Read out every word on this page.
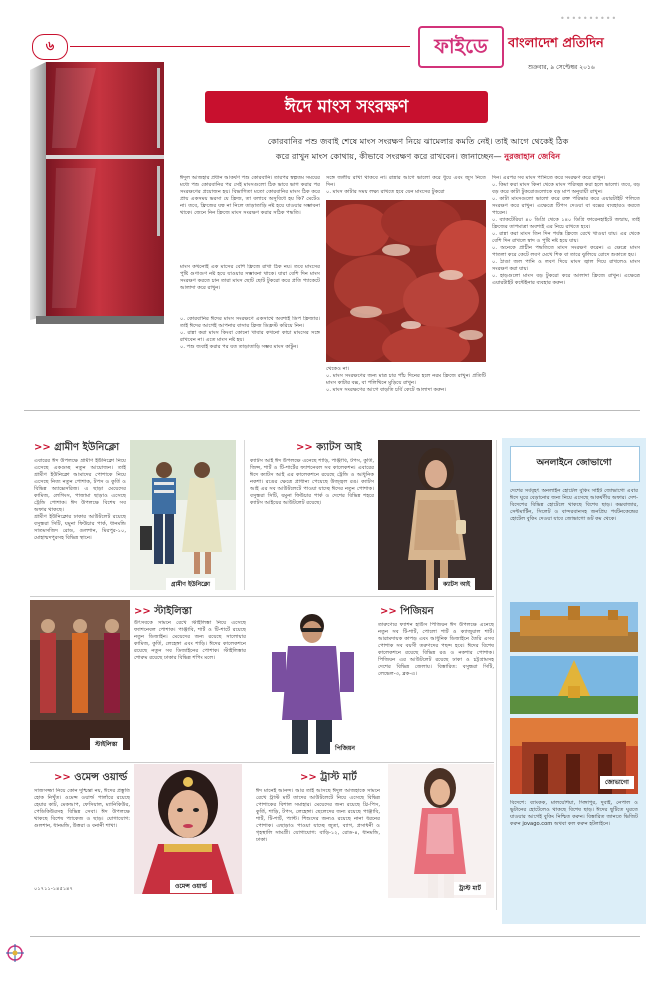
৬
••••••••••
ফাইডে	বাংলাদেশ প্রতিদিন
শুক্রবার, ৯ সেপ্টেম্বর ২০১৬
ঈদে মাংস সংরক্ষণ
কোরবানির পশু জবাই শেষে মাংস সংরক্ষণ নিয়ে ঝামেলার কমতি নেই। তাই আগে থেকেই ঠিক
করে রাখুন মাংস কোথায়, কীভাবে সংরক্ষণ করে রাখবেন। জানাচ্ছেন— নুরজাহান জেবিন
ঈদুল আজহার প্রধান আকর্ষণ পশু কোরবানি। তারপর স্বল্পতম সময়ের মধ্যে পশু কোরবানির পর সেই মাংসগুলো ঠিক ভাবে ভাগ করার পর সংরক্ষণের প্রয়োজন হয়। বিভাগিতা মতো কোরবানির মাংস ঠিক করে প্রায় একসময় ভরসা যে ফ্রিজ, তা বলাবে অসুবিধে হয় কি? মেটেও না। তবে, ফ্রিজের যত্ন না নিলে তাড়াতাড়ি নষ্ট হয়ে যাওয়ার সম্ভাবনা থাকে। জেনে নিন ফ্রিজে মাংস সংরক্ষণ করার সঠিক পদ্ধতি।
মাংস কখনোই এক মাসের বেশি ফ্রিজে রাখা ঠিক নয়। তবে মাংসের পুষ্টি গুণাগুণ নষ্ট হয়ে যাওয়ার সম্ভাবনা থাকে। যারা বেশি দিন মাংস সংরক্ষণ করতে চান তারা মাংস ছোট ছোট টুকরো করে প্রতি প্যাকেটে আলাদা করে রাখুন।
০. কোরবানির ঈদের মাংস সংরক্ষণে একসাথে অবশ্যই ডিপ ফ্রিজার। তাই ঈদের আগেই আপনার বাসার ফ্রিজ ডিফ্রস্ট করিয়ে নিন।
০. রান্না করা মাংস কিংবা কোনো খাবার কখনো কাচা মাংসের সঙ্গে রাখবেন না। এতে মাংস নষ্ট হয়।
০. পশু জবাই করার পর যত তাড়াতাড়ি সম্ভব মাংস কাটুন।
সঙ্গে জলীয় রাখা থাকবে না। রান্নার আগে ভালো করে ধুয়ে এবং জুস নিতে দিন।
০. মাংস কাটার সময় লক্ষ্য রাখতে হবে যেন মাংসের টুকরো
থেকেও না।
০. মাংস সংরক্ষণের জন্য মাত্র চার পাঁচ দিনের হলে নরম ফ্রিজে রাখুন। প্রতিটি মাংস কাটার বক্স, বা পলিথিনে মুড়িয়ে রাখুন।
০. মাংস সংরক্ষণের আগে বাড়তি চর্বি কেটে আলাদা করুন।
দিন। এরপর সব মাংস পানিতে করে সংরক্ষণ করে রাখুন।
০. কিমা করা মাংস কিনা থেকে মাংস পরিচ্ছন্ন করা হলে ভালো। তবে, বড় বড় করে কাটা টুকরোগুলোকে বড় মাপ অনুযায়ী রাখুন।
০. কাটা মাংসগুলো ভালো করে রক্ত পরিষ্কার করে এয়ারটাইট পলিতে সংরক্ষণ করে রাখুন। এক্ষেত্রে টিপস দেওয়া বা বক্সের ব্যবহারও করতে পারেন।
০. ব্যাকটেরিয়া ৪০ ডিগ্রি থেকে ১৪০ ডিগ্রি ফারেনহাইটে জন্মায়, তাই ফ্রিজের তাপমাত্রা অবশ্যই এর নিচে রাখতে হবে।
০. রান্না করা মাংস তিন দিন পর্যন্ত ফ্রিজে রেখে খাওয়া যায়। এর থেকে বেশি দিন রাখলে স্বাদ ও পুষ্টি নষ্ট হয়ে যায়।
০. অনেকে প্রাচীন পদ্ধতিতে মাংস সংরক্ষণ করেন। এ ক্ষেত্রে মাংস পাতলা করে কেটে লবণ মেখে শিক বা তারে ঝুলিয়ে রোদে শুকাতে হয়।
০. ঠাণ্ডা জল পানি ও লবণ দিয়ে মাংস জ্বাল দিয়ে রাখলেও মাংস সংরক্ষণ করা যায়।
০. হাড়গুলো মাংস বড় টুকরো করে আলাদা ফ্রিজে রাখুন। এক্ষেত্রে এয়ারটাইট কন্টেইনার ব্যবহার করুন।
>> গ্রামীণ ইউনিক্লো
এবারের ঈদ উপলক্ষে গ্রামীণ ইউনিক্লো নিয়ে এসেছে একগুচ্ছ নতুন আয়োজন। তাই গ্রামীণ ইউনিক্লো আমাদের পোশাকে নিয়ে এসেছে নিত্য নতুন পোশাক, টপস ও কুর্তি ও বিভিন্ন অ্যাক্সেসরিজ। এ ছাড়া মেয়েদের কামিজ, লেগিংস, পাজামা ছাড়াও এসেছে ট্রেন্ডি পোশাক। ঈদ উপলক্ষে বিশেষ সব অফার থাকছে।
গ্রামীণ ইউনিক্লোর ঢাকার আউটলেট রয়েছে বসুন্ধরা সিটি, যমুনা ফিউচার পার্ক, ধানমন্ডি সাতমসজিদ রোড, গুলশান, মিরপুর-১০, মোহাম্মদপুরসহ বিভিন্ন স্থানে।
গ্রামীণ ইউনিক্লো
>> ক্যাটস আই
ক্যাটস আই ঈদ উপলক্ষে এনেছে শাড়ি, পাঞ্জাবি, টপস, কুর্তি, জিন্স, শার্ট ও টি-শার্টের ফ্যাশনেবল সব কালেকশন। এবারের ঈদে ক্যাটস আই এর কালেকশনে রয়েছে ট্রেন্ডি ও আধুনিক নকশা। রঙের ক্ষেত্রে প্রাধান্য পেয়েছে উজ্জ্বল রঙ। ক্যাটস আই এর সব আউটলেটে পাওয়া যাচ্ছে ঈদের নতুন পোশাক। বসুন্ধরা সিটি, যমুনা ফিউচার পার্ক ও দেশের বিভিন্ন শহরে ক্যাটস আইয়ের আউটলেট রয়েছে।
ক্যাটস আই
স্টাইলিস্তা
>> স্টাইলিস্তা
উৎসবকে সামনে রেখে স্টাইলিস্তা নিয়ে এসেছে ফ্যাশনেবল পোশাক। পাঞ্জাবি, শার্ট ও টি-শার্টে রয়েছে নতুন ডিজাইন। মেয়েদের জন্য রয়েছে সালোয়ার কামিজ, কুর্তি, লেহেঙ্গা এবং শাড়ি। ঈদের কালেকশনে রয়েছে নতুন সব ডিজাইনের পোশাক। স্টাইলিস্তার শোরুম রয়েছে ঢাকার বিভিন্ন শপিং মলে।
পিজিয়ন
>> পিজিয়ন
তারুণ্যের ফ্যাশন হাউস পিজিয়ন ঈদ উপলক্ষে এনেছে নতুন সব টি-শার্ট, পোলো শার্ট ও ক্যাজুয়াল শার্ট। আরামদায়ক কাপড় এবং আধুনিক ডিজাইনে তৈরি এসব পোশাক সব বয়সী তরুণদের পছন্দ হবে। ঈদের বিশেষ কালেকশনে রয়েছে বিভিন্ন রঙ ও নকশার পোশাক। পিজিয়ন এর আউটলেট রয়েছে ঢাকা ও চট্টগ্রামসহ দেশের বিভিন্ন জেলায়। বিস্তারিত: বসুন্ধরা সিটি, লেভেল-৩, ব্লক-এ।
>> ওমেন্স ওয়ার্ল্ড
সাজসজ্জা নিয়ে কোন দুশ্চিন্তা নয়, ঈদের প্রস্তুতি হোক নিখুঁত। ওমেন্স ওয়ার্ল্ড পার্লারে রয়েছে হেয়ার কাট, মেকআপ, ফেসিয়াল, ম্যানিকিউর, পেডিকিউরসহ বিভিন্ন সেবা। ঈদ উপলক্ষে থাকছে বিশেষ প্যাকেজ ও ছাড়। যোগাযোগ: গুলশান, ধানমন্ডি, উত্তরা ও বনানী শাখা।
০১৭১১-১৪৫১৪৭	ওমেন্স ওয়ার্ল্ড
>> ট্রাস্ট মার্ট
ঈদ মানেই আনন্দ। আর তাই আসছে ঈদুল আজহাকে সামনে রেখে ট্রাস্ট মার্ট তাদের আউটলেটে নিয়ে এসেছে বিভিন্ন পোশাকের বিশাল সমাহার। মেয়েদের জন্য রয়েছে থ্রি-পিস, কুর্তি, শাড়ি, টপস, লেহেঙ্গা। ছেলেদের জন্য রয়েছে পাঞ্জাবি, শার্ট, টি-শার্ট, প্যান্ট। শিশুদের জন্যও রয়েছে নানা ধরনের পোশাক। এছাড়াও পাওয়া যাচ্ছে জুতা, ব্যাগ, প্রসাধনী ও গৃহস্থালি সামগ্রী। যোগাযোগ: বাড়ি-১২, রোড-৪, ধানমন্ডি, ঢাকা।
ট্রাস্ট মার্ট
অনলাইনে জোভাগো
দেশের সর্ববৃহৎ অনলাইন হোটেল বুকিং সাইট জোভাগো এবার ঈদে ঘুরে বেড়ানোর জন্য নিয়ে এসেছে আকর্ষণীয় অফার। দেশ-বিদেশের বিভিন্ন হোটেলে থাকছে বিশেষ ছাড়। কক্সবাজার, সেন্টমার্টিন, সিলেট ও বান্দরবানসহ জনপ্রিয় পর্যটনকেন্দ্রের হোটেল বুকিং দেওয়া যাবে জোভাগো ডট কম থেকে।
জোভাগো
বিদেশে: ব্যাংকক, মালয়েশিয়া, সিঙ্গাপুর, দুবাই, নেপাল ও ভুটানের হোটেলেও থাকছে বিশেষ ছাড়। ঈদের ছুটিতে ঘুরতে যাওয়ার আগেই বুকিং নিশ্চিত করুন। বিস্তারিত জানতে ভিজিট করুন jovago.com অথবা কল করুন হটলাইনে।
